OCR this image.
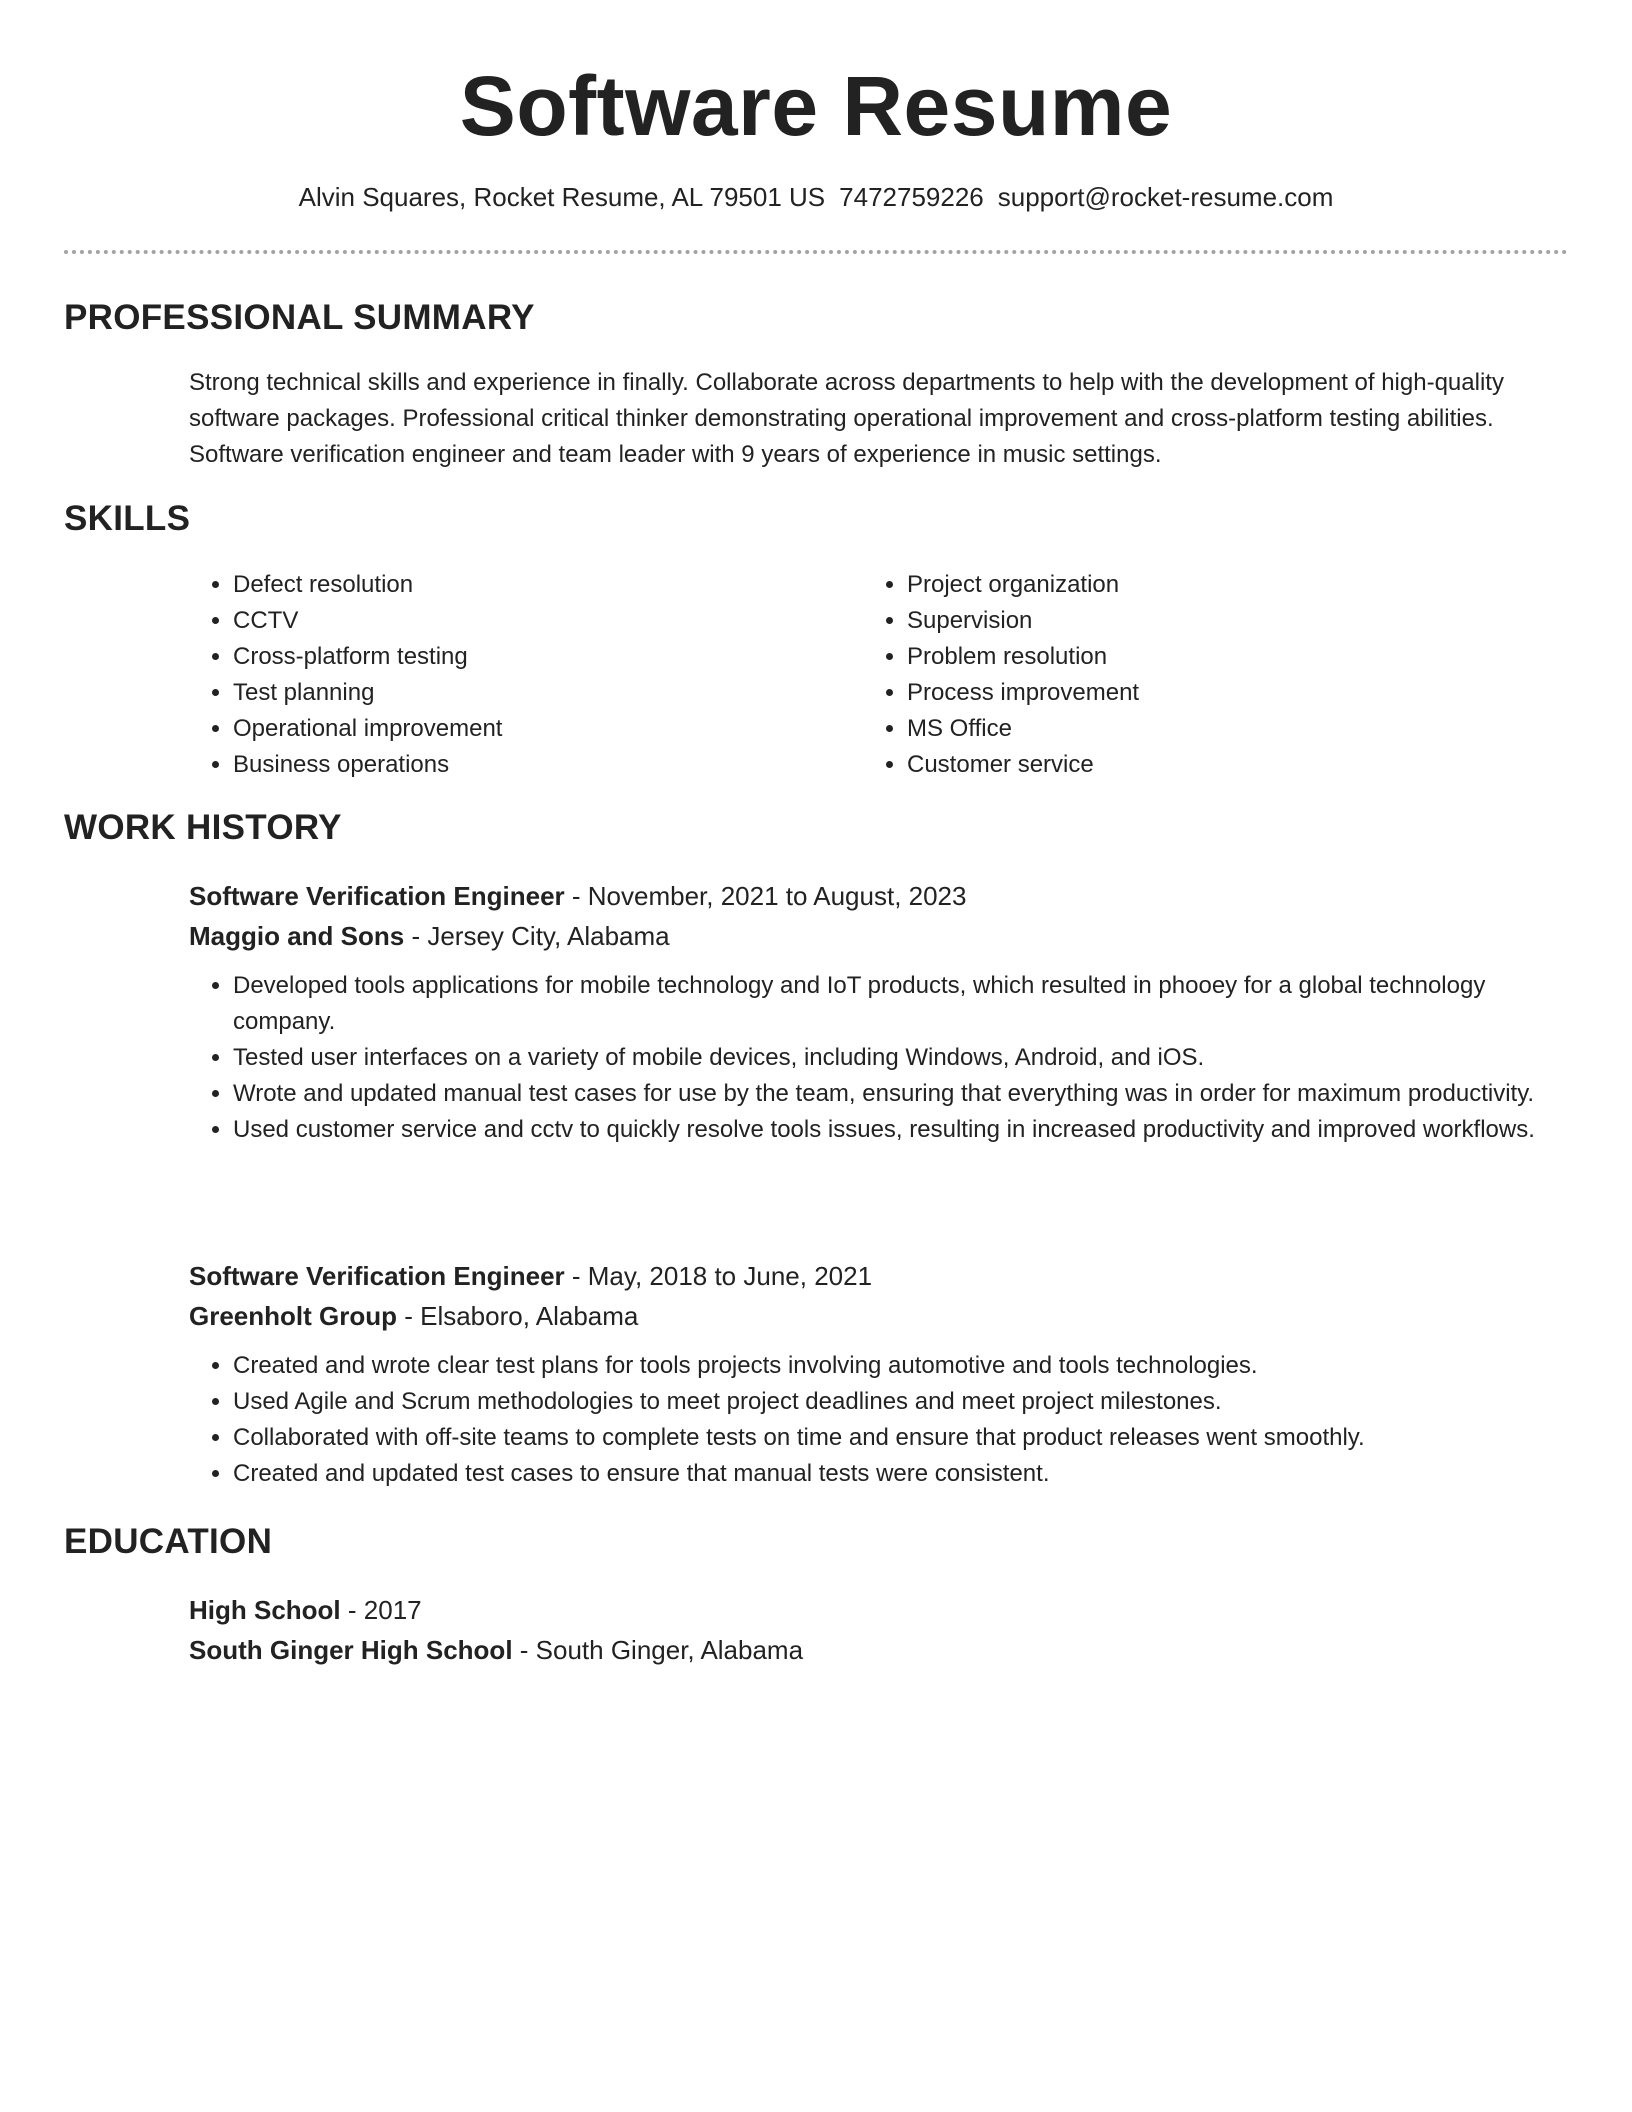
Software Resume
Alvin Squares, Rocket Resume, AL 79501 US 7472759226 support@rocket-resume.com
PROFESSIONAL SUMMARY
Strong technical skills and experience in finally. Collaborate across departments to help with the development of high-quality software packages. Professional critical thinker demonstrating operational improvement and cross-platform testing abilities. Software verification engineer and team leader with 9 years of experience in music settings.
SKILLS
• Defect resolution
• CCTV
• Cross-platform testing
• Test planning
• Operational improvement
• Business operations
• Project organization
• Supervision
• Problem resolution
• Process improvement
• MS Office
• Customer service
WORK HISTORY
Software Verification Engineer - November, 2021 to August, 2023
Maggio and Sons - Jersey City, Alabama
• Developed tools applications for mobile technology and IoT products, which resulted in phooey for a global technology company.
• Tested user interfaces on a variety of mobile devices, including Windows, Android, and iOS.
• Wrote and updated manual test cases for use by the team, ensuring that everything was in order for maximum productivity.
• Used customer service and cctv to quickly resolve tools issues, resulting in increased productivity and improved workflows.
Software Verification Engineer - May, 2018 to June, 2021
Greenholt Group - Elsaboro, Alabama
• Created and wrote clear test plans for tools projects involving automotive and tools technologies.
• Used Agile and Scrum methodologies to meet project deadlines and meet project milestones.
• Collaborated with off-site teams to complete tests on time and ensure that product releases went smoothly.
• Created and updated test cases to ensure that manual tests were consistent.
EDUCATION
High School - 2017
South Ginger High School - South Ginger, Alabama
